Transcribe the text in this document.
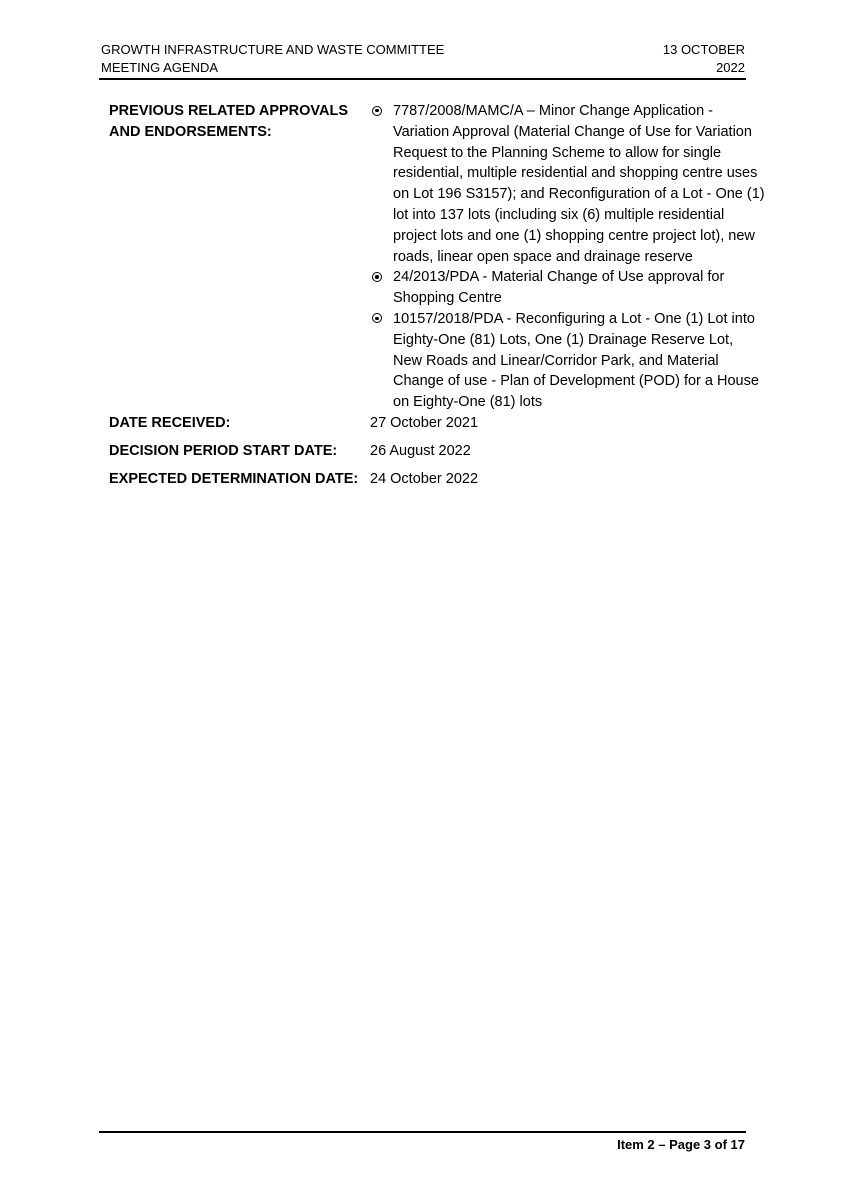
GROWTH INFRASTRUCTURE AND WASTE COMMITTEE
MEETING AGENDA
13 OCTOBER
2022
PREVIOUS RELATED APPROVALS
AND ENDORSEMENTS:
7787/2008/MAMC/A – Minor Change Application - Variation Approval (Material Change of Use for Variation Request to the Planning Scheme to allow for single residential, multiple residential and shopping centre uses on Lot 196 S3157); and Reconfiguration of a Lot - One (1) lot into 137 lots (including six (6) multiple residential project lots and one (1) shopping centre project lot), new roads, linear open space and drainage reserve
24/2013/PDA - Material Change of Use approval for Shopping Centre
10157/2018/PDA - Reconfiguring a Lot - One (1) Lot into Eighty-One (81) Lots, One (1) Drainage Reserve Lot, New Roads and Linear/Corridor Park, and Material Change of use - Plan of Development (POD) for a House on Eighty-One (81) lots
DATE RECEIVED:	27 October 2021
DECISION PERIOD START DATE:	26 August 2022
EXPECTED DETERMINATION DATE: 24 October 2022
Item 2 – Page 3 of 17
